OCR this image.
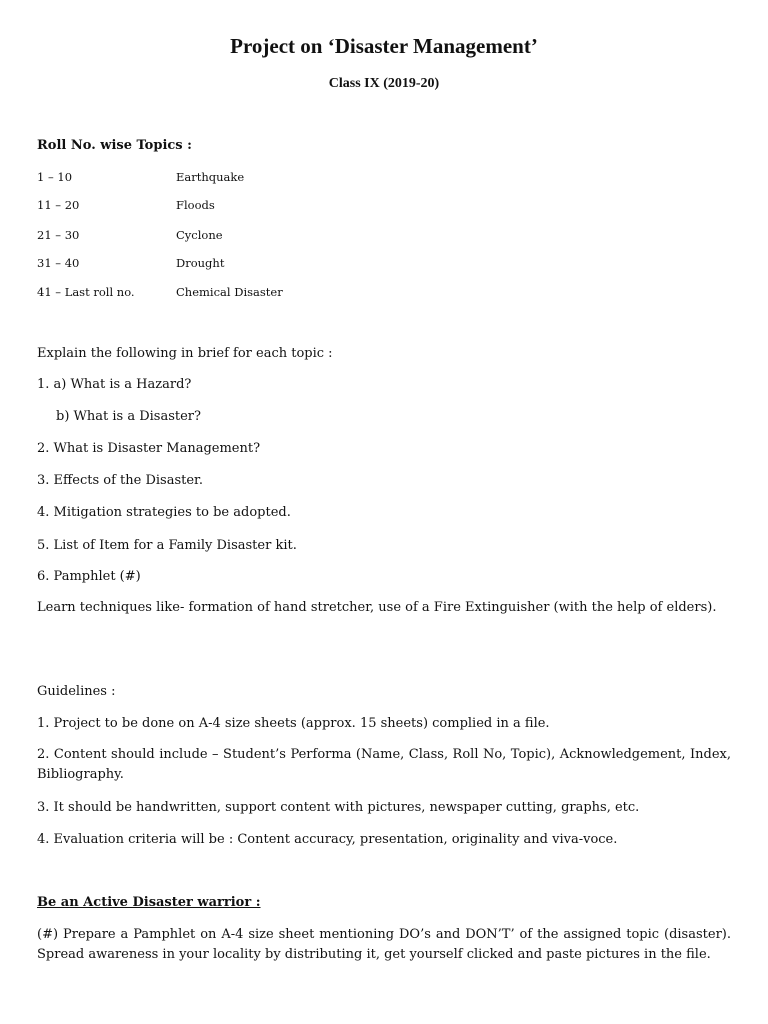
Project on ‘Disaster Management’
Class IX (2019-20)
Roll No. wise Topics :
1 – 10	Earthquake
11 – 20	Floods
21 – 30	Cyclone
31 – 40	Drought
41 – Last roll no.	Chemical Disaster
Explain the following in brief for each topic :
1. a) What is a Hazard?
b) What is a Disaster?
2. What is Disaster Management?
3. Effects of the Disaster.
4. Mitigation strategies to be adopted.
5. List of Item for a Family Disaster kit.
6. Pamphlet (#)
Learn techniques like- formation of hand stretcher, use of a Fire Extinguisher (with the help of elders).
Guidelines :
1. Project to be done on A-4 size sheets (approx. 15 sheets) complied in a file.
2. Content should include – Student’s Performa (Name, Class, Roll No, Topic), Acknowledgement, Index, Bibliography.
3. It should be handwritten, support content with pictures, newspaper cutting, graphs, etc.
4. Evaluation criteria will be : Content accuracy, presentation, originality and viva-voce.
Be an Active Disaster warrior :
(#) Prepare a Pamphlet on A-4 size sheet mentioning DO’s and DON’T’ of the assigned topic (disaster). Spread awareness in your locality by distributing it, get yourself clicked and paste pictures in the file.
